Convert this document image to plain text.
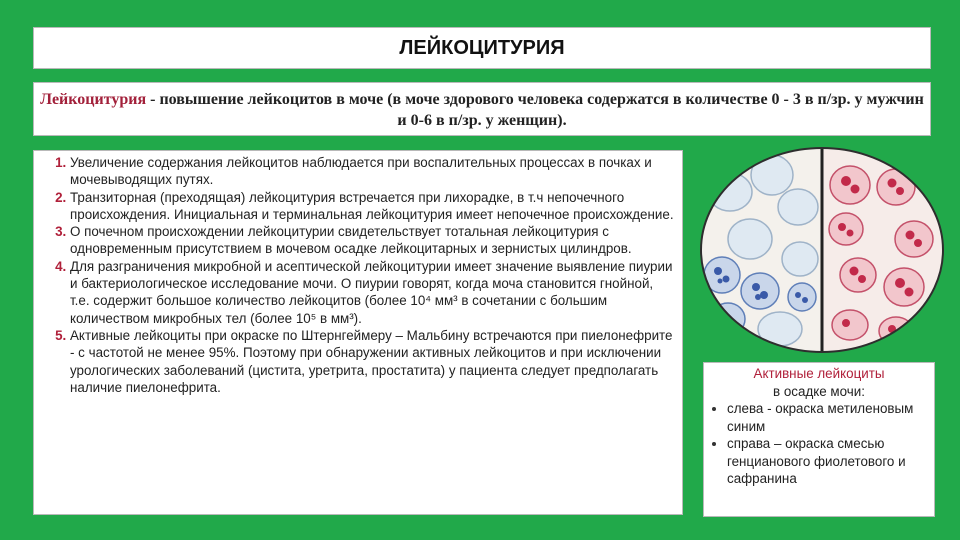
ЛЕЙКОЦИТУРИЯ
Лейкоцитурия - повышение лейкоцитов в моче (в моче здорового человека содержатся в количестве 0 - 3 в п/зр. у мужчин и 0-6 в п/зр. у женщин).
1. Увеличение содержания лейкоцитов наблюдается при воспалительных процессах в почках и мочевыводящих путях.
2. Транзиторная (преходящая) лейкоцитурия встречается при лихорадке, в т.ч непочечного происхождения. Инициальная и терминальная лейкоцитурия имеет непочечное происхождение.
3. О почечном происхождении лейкоцитурии свидетельствует тотальная лейкоцитурия с одновременным присутствием в мочевом осадке лейкоцитарных и зернистых цилиндров.
4. Для разграничения микробной и асептической лейкоцитурии имеет значение выявление пиурии и бактериологическое исследование мочи. О пиурии говорят, когда моча становится гнойной, т.е. содержит большое количество лейкоцитов (более 10⁴ мм³ в сочетании с большим количеством микробных тел (более 10⁵ в мм³).
5. Активные лейкоциты при окраске по Штернгеймеру – Мальбину встречаются при пиелонефрите - с частотой не менее 95%. Поэтому при обнаружении активных лейкоцитов и при исключении урологических заболеваний (цистита, уретрита, простатита) у пациента следует предполагать наличие пиелонефрита.
Активные лейкоциты
в осадке мочи:
• слева - окраска метиленовым синим
• справа – окраска смесью генцианового фиолетового и сафранина
